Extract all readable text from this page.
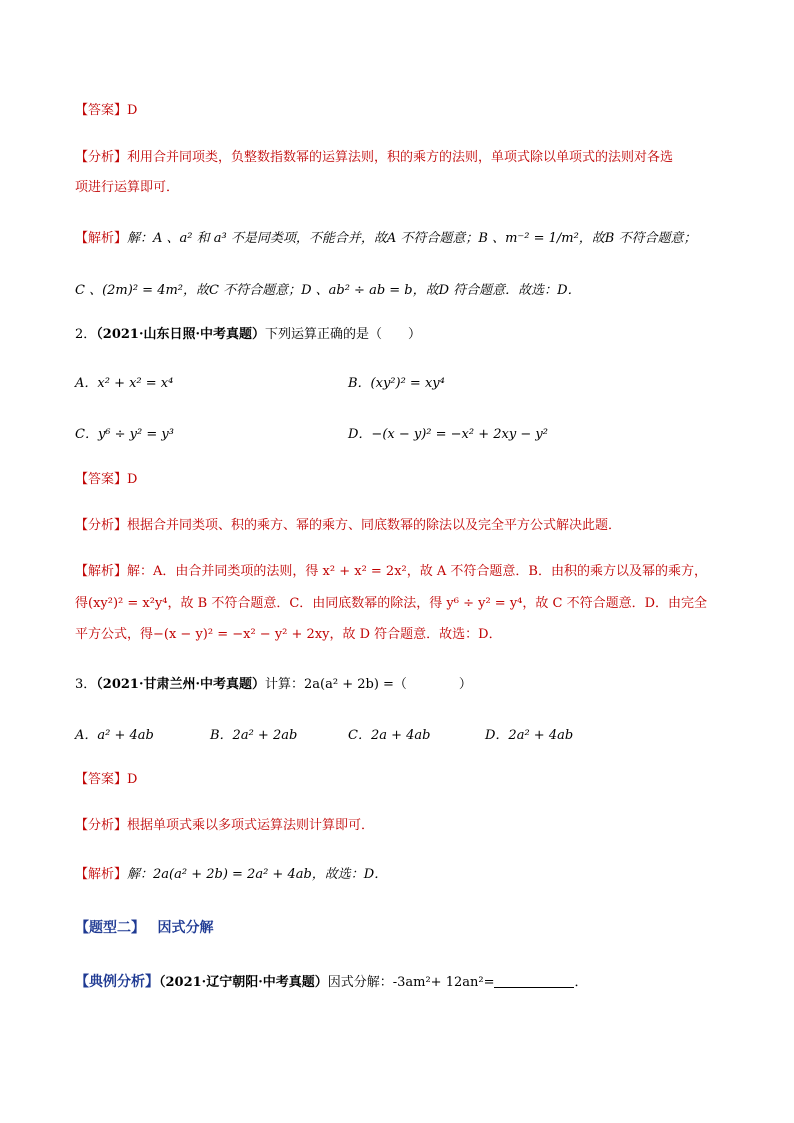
【答案】D
【分析】利用合并同项类，负整数指数幂的运算法则，积的乘方的法则，单项式除以单项式的法则对各选
项进行运算即可．
【解析】解：A 、a² 和 a³ 不是同类项，不能合并，故A 不符合题意；B 、m⁻² = 1/m²，故B 不符合题意；
C 、(2m)² = 4m²，故C 不符合题意；D 、ab² ÷ ab = b，故D 符合题意．故选：D．
2．（2021·山东日照·中考真题）下列运算正确的是（　　）
A．x² + x² = x⁴	B．(xy²)² = xy⁴
C．y⁶ ÷ y² = y³	D．−(x − y)² = −x² + 2xy − y²
【答案】D
【分析】根据合并同类项、积的乘方、幂的乘方、同底数幂的除法以及完全平方公式解决此题．
【解析】解：A．由合并同类项的法则，得 x² + x² = 2x²，故 A 不符合题意．B．由积的乘方以及幂的乘方，
得(xy²)² = x²y⁴，故 B 不符合题意．C．由同底数幂的除法，得 y⁶ ÷ y² = y⁴，故 C 不符合题意．D．由完全
平方公式，得−(x − y)² = −x² − y² + 2xy，故 D 符合题意．故选：D．
3．（2021·甘肃兰州·中考真题）计算：2a(a² + 2b) =（　　　　）
A．a² + 4ab	B．2a² + 2ab	C．2a + 4ab	D．2a² + 4ab
【答案】D
【分析】根据单项式乘以多项式运算法则计算即可．
【解析】解：2a(a² + 2b) = 2a² + 4ab，故选：D．
【题型二】 因式分解
【典例分析】（2021·辽宁朝阳·中考真题）因式分解：-3am²+ 12an²=	．
